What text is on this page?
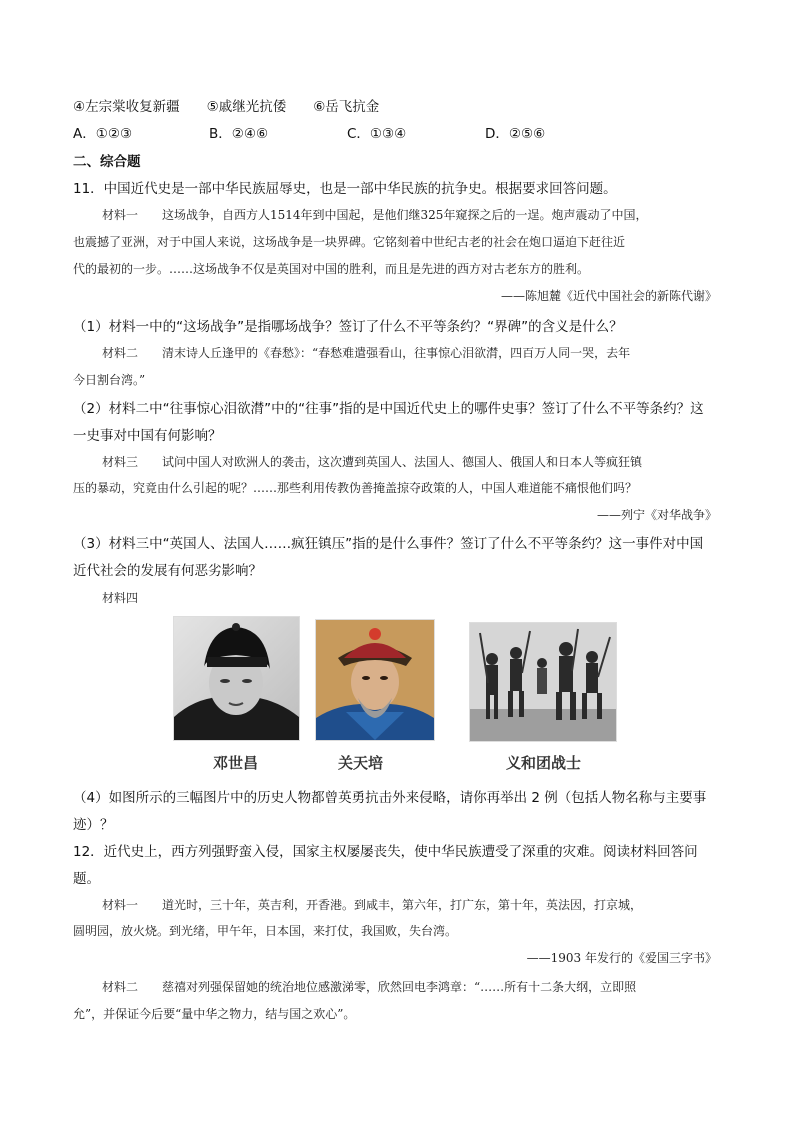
④左宗棠收复新疆　　⑤戚继光抗倭　　⑥岳飞抗金
A．①②③	B．②④⑥	C．①③④	D．②⑤⑥
二、综合题
11．中国近代史是一部中华民族屈辱史，也是一部中华民族的抗争史。根据要求回答问题。
材料一　　这场战争，自西方人1514年到中国起，是他们继325年窥探之后的一逞。炮声震动了中国，
也震撼了亚洲，对于中国人来说，这场战争是一块界碑。它铭刻着中世纪古老的社会在炮口逼迫下赶往近
代的最初的一步。……这场战争不仅是英国对中国的胜利，而且是先进的西方对古老东方的胜利。
——陈旭麓《近代中国社会的新陈代谢》
（1）材料一中的“这场战争”是指哪场战争？签订了什么不平等条约？“界碑”的含义是什么？
材料二　　清末诗人丘逢甲的《春愁》：“春愁难遣强看山，往事惊心泪欲潸，四百万人同一哭，去年
今日割台湾。”
（2）材料二中“往事惊心泪欲潸”中的“往事”指的是中国近代史上的哪件史事？签订了什么不平等条约？这
一史事对中国有何影响？
材料三　　试问中国人对欧洲人的袭击，这次遭到英国人、法国人、德国人、俄国人和日本人等疯狂镇
压的暴动，究竟由什么引起的呢？……那些利用传教伪善掩盖掠夺政策的人，中国人难道能不痛恨他们吗？
——列宁《对华战争》
（3）材料三中“英国人、法国人……疯狂镇压”指的是什么事件？签订了什么不平等条约？这一事件对中国
近代社会的发展有何恶劣影响？
材料四
邓世昌	关天培	义和团战士
（4）如图所示的三幅图片中的历史人物都曾英勇抗击外来侵略，请你再举出 2 例（包括人物名称与主要事
迹）？
12．近代史上，西方列强野蛮入侵，国家主权屡屡丧失，使中华民族遭受了深重的灾难。阅读材料回答问
题。
材料一　　道光时，三十年，英吉利，开香港。到咸丰，第六年，打广东，第十年，英法因，打京城，
圆明园，放火烧。到光绪，甲午年，日本国，来打仗，我国败，失台湾。
——1903 年发行的《爱国三字书》
材料二　　慈禧对列强保留她的统治地位感激涕零，欣然回电李鸿章：“……所有十二条大纲，立即照
允”，并保证今后要“量中华之物力，结与国之欢心”。
